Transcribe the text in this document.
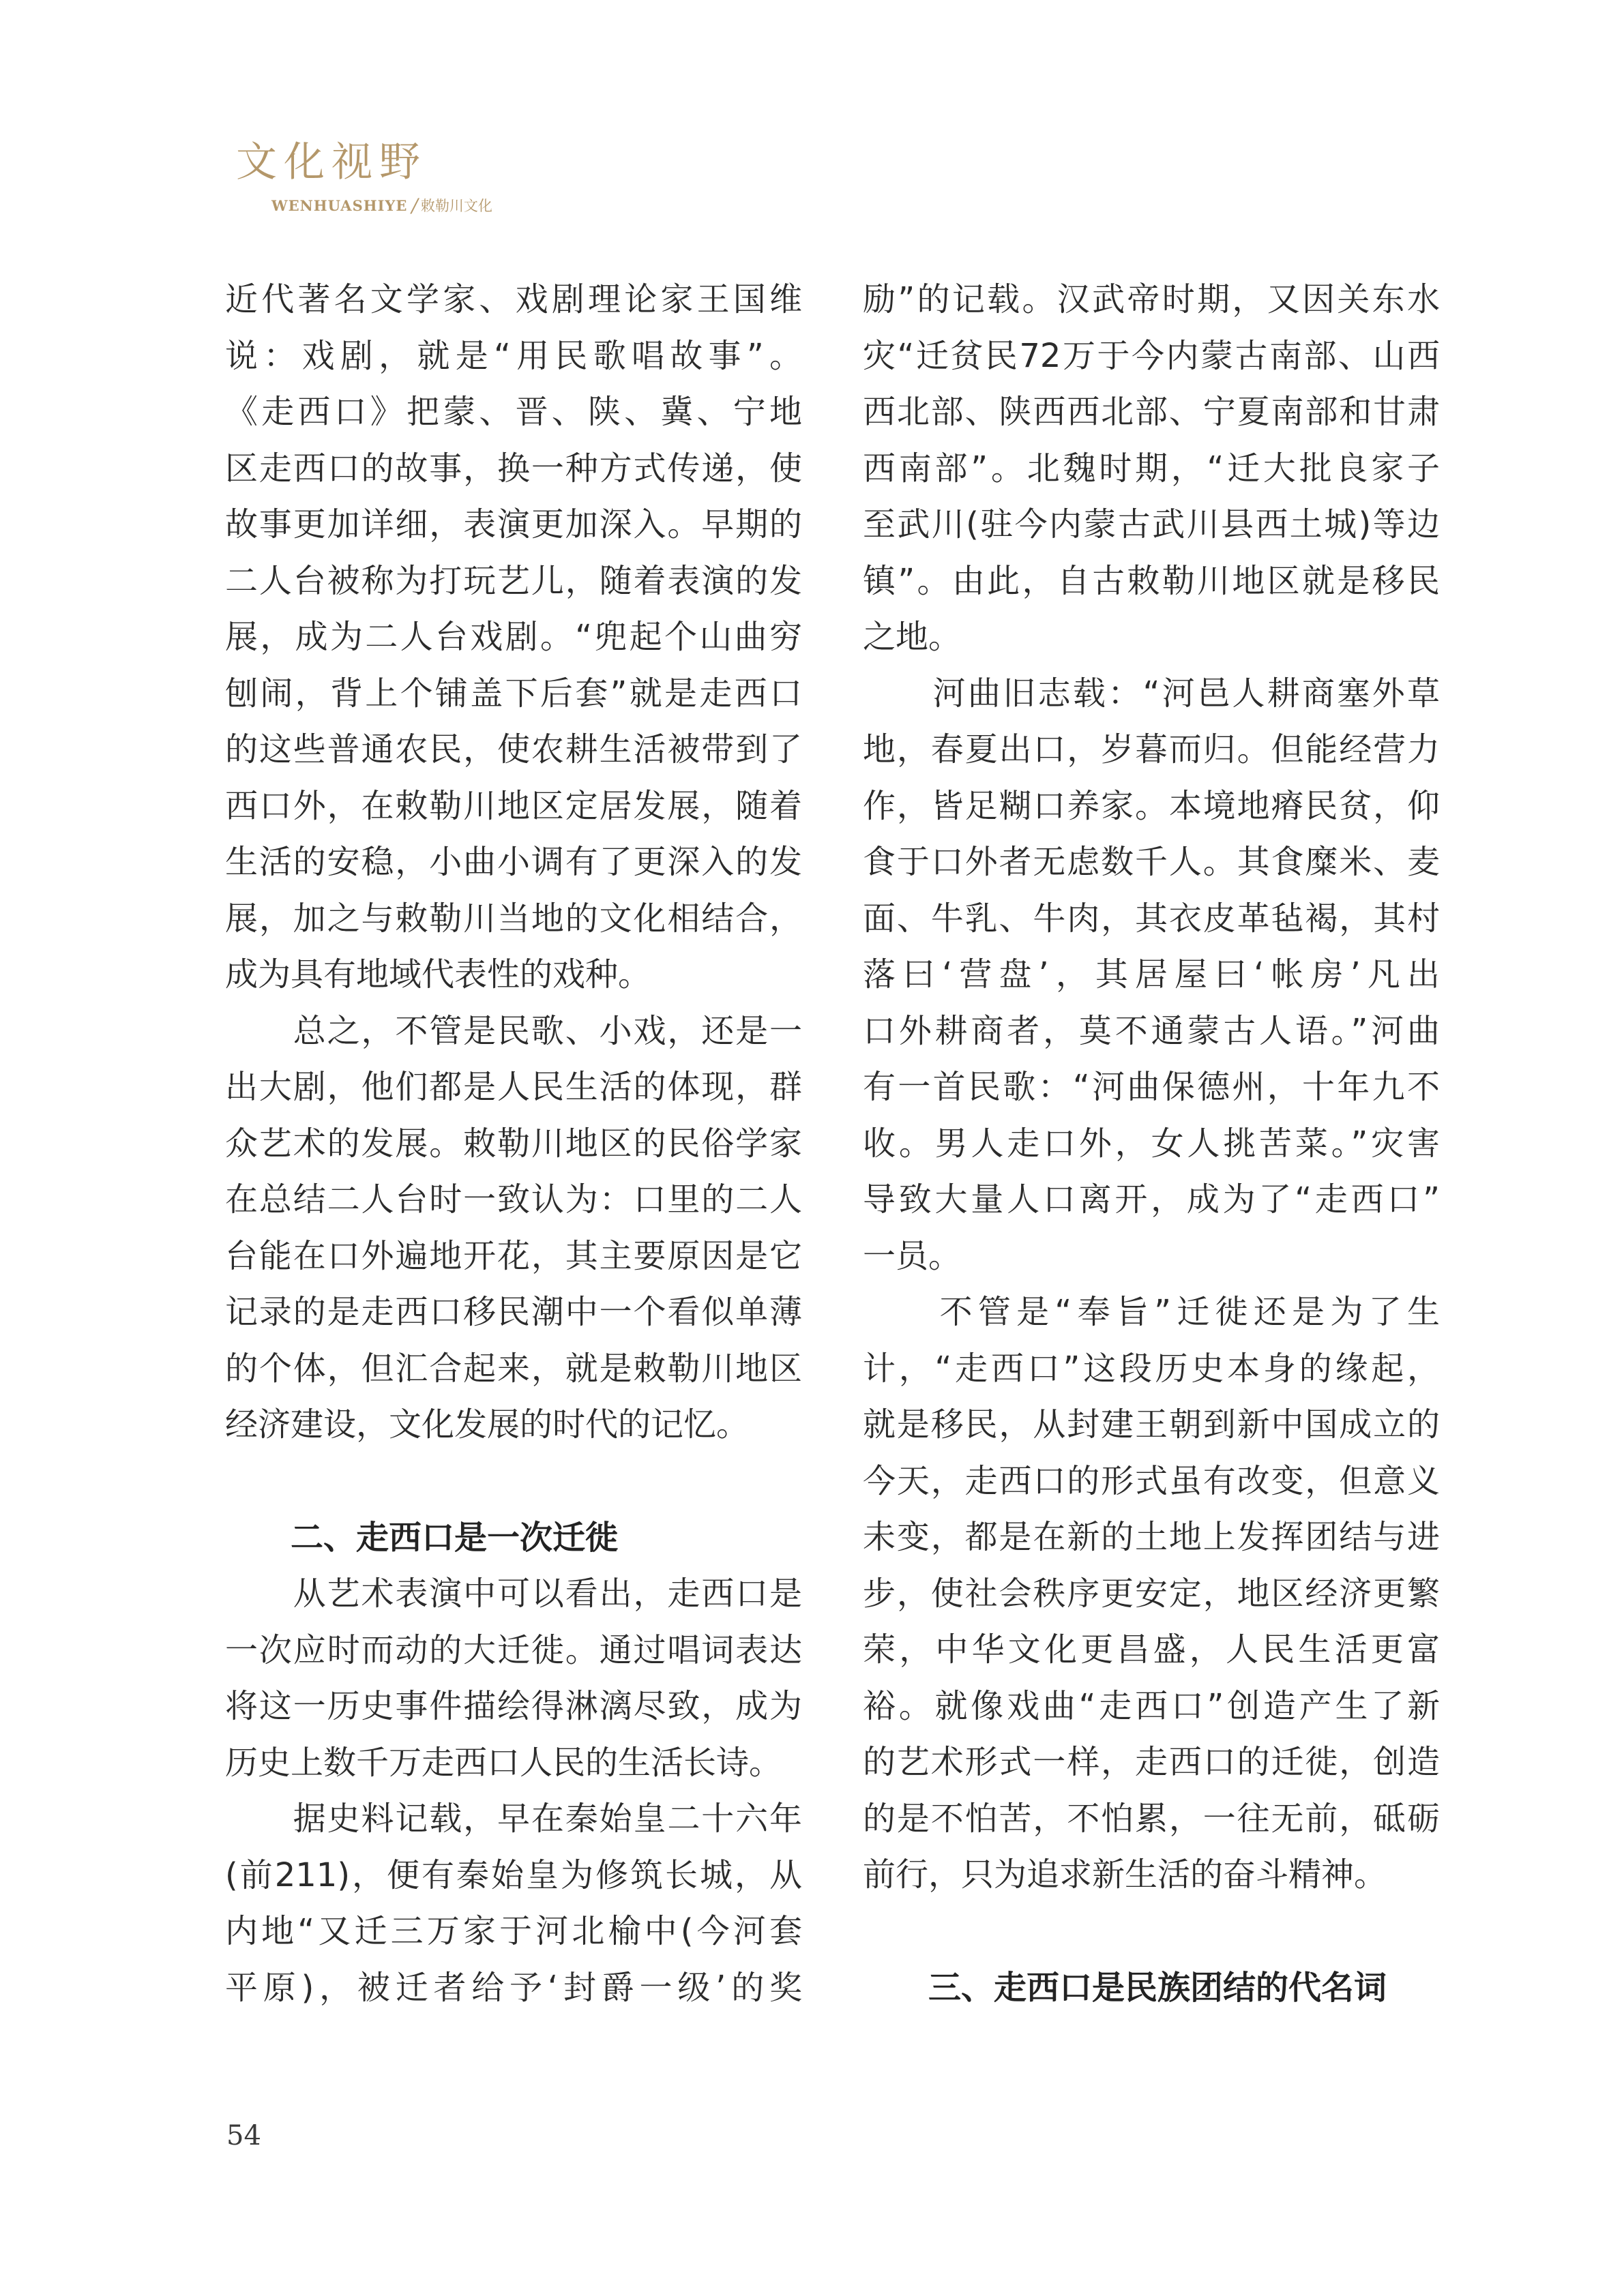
文化视野
WENHUASHIYE / 敕勒川文化

近代著名文学家、戏剧理论家王国维

说：戏剧，就是“用民歌唱故事”。

《走西口》把蒙、晋、陕、冀、宁地

区走西口的故事，换一种方式传递，使

故事更加详细，表演更加深入。早期的

二人台被称为打玩艺儿，随着表演的发

展，成为二人台戏剧。“兜起个山曲穷

刨闹，背上个铺盖下后套”就是走西口

的这些普通农民，使农耕生活被带到了

西口外，在敕勒川地区定居发展，随着

生活的安稳，小曲小调有了更深入的发

展，加之与敕勒川当地的文化相结合，

成为具有地域代表性的戏种。

　　总之，不管是民歌、小戏，还是一

出大剧，他们都是人民生活的体现，群

众艺术的发展。敕勒川地区的民俗学家

在总结二人台时一致认为：口里的二人

台能在口外遍地开花，其主要原因是它

记录的是走西口移民潮中一个看似单薄

的个体，但汇合起来，就是敕勒川地区

经济建设，文化发展的时代的记忆。

　　二、走西口是一次迁徙

　　从艺术表演中可以看出，走西口是

一次应时而动的大迁徙。通过唱词表达

将这一历史事件描绘得淋漓尽致，成为

历史上数千万走西口人民的生活长诗。

　　据史料记载，早在秦始皇二十六年

(前211)，便有秦始皇为修筑长城，从

内地“又迁三万家于河北榆中(今河套

平原)，被迁者给予‘封爵一级’的奖

励”的记载。汉武帝时期，又因关东水

灾“迁贫民72万于今内蒙古南部、山西

西北部、陕西西北部、宁夏南部和甘肃

西南部”。北魏时期，“迁大批良家子

至武川(驻今内蒙古武川县西土城)等边

镇”。由此，自古敕勒川地区就是移民

之地。

　　河曲旧志载：“河邑人耕商塞外草

地，春夏出口，岁暮而归。但能经营力

作，皆足糊口养家。本境地瘠民贫，仰

食于口外者无虑数千人。其食糜米、麦

面、牛乳、牛肉，其衣皮革毡褐，其村

落曰‘营盘’，其居屋曰‘帐房’凡出

口外耕商者，莫不通蒙古人语。”河曲

有一首民歌：“河曲保德州，十年九不

收。男人走口外，女人挑苦菜。”灾害

导致大量人口离开，成为了“走西口”

一员。

　　不管是“奉旨”迁徙还是为了生

计，“走西口”这段历史本身的缘起，

就是移民，从封建王朝到新中国成立的

今天，走西口的形式虽有改变，但意义

未变，都是在新的土地上发挥团结与进

步，使社会秩序更安定，地区经济更繁

荣，中华文化更昌盛，人民生活更富

裕。就像戏曲“走西口”创造产生了新

的艺术形式一样，走西口的迁徙，创造

的是不怕苦，不怕累，一往无前，砥砺

前行，只为追求新生活的奋斗精神。

　　三、走西口是民族团结的代名词
54
